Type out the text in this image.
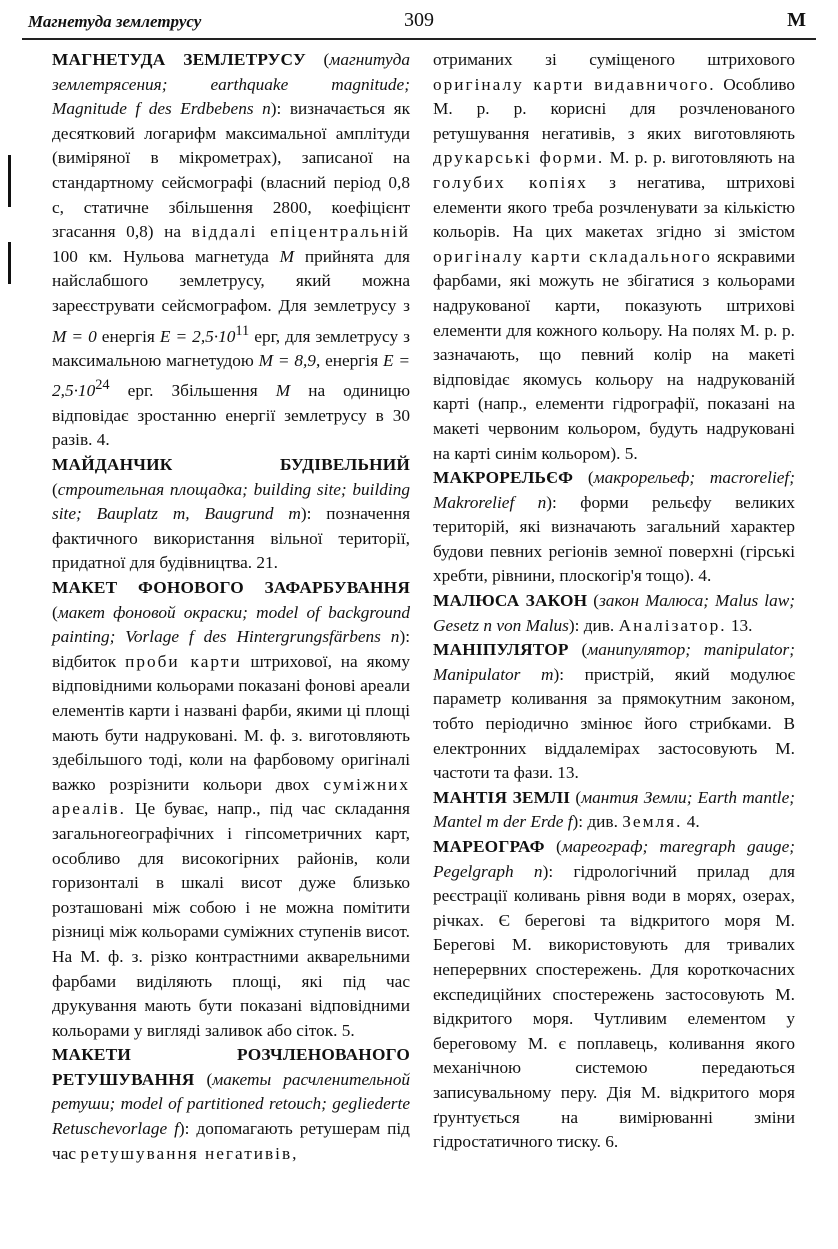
Магнетуда землетрусу	309	М

МАГНЕТУДА ЗЕМЛЕТРУСУ (магнитуда землетрясения; earthquake magnitude; Magnitude f des Erdbebens n): визначається як десятковий логарифм максимальної амплітуди (виміряної в мікрометрах), записаної на стандартному сейсмографі (власний період 0,8 с, статичне збільшення 2800, коефіцієнт згасання 0,8) на віддалі епіцентральній 100 км. Нульова магнетуда M прийнята для найслабшого землетрусу, який можна зареєструвати сейсмографом. Для землетрусу з M = 0 енергія $E = 2,5\cdot 10^{11}$ ерг, для землетрусу з максимальною магнетудою M = 8,9, енергія $E = 2,5\cdot 10^{24}$ ерг. Збільшення M на одиницю відповідає зростанню енергії землетрусу в 30 разів. 4.

МАЙДАНЧИК БУДІВЕЛЬНИЙ (строительная площадка; building site; building site; Bauplatz m, Baugrund m): позначення фактичного використання вільної території, придатної для будівництва. 21.

МАКЕТ ФОНОВОГО ЗАФАРБУВАННЯ (макет фоновой окраски; model of background painting; Vorlage f des Hintergrungsfärbens n): відбиток проби карти штрихової, на якому відповідними кольорами показані фонові ареали елементів карти і названі фарби, якими ці площі мають бути надруковані. М. ф. з. виготовляють здебільшого тоді, коли на фарбовому оригіналі важко розрізнити кольори двох суміжних ареалів. Це буває, напр., під час складання загальногеографічних і гіпсометричних карт, особливо для високогірних районів, коли горизонталі в шкалі висот дуже близько розташовані між собою і не можна помітити різниці між кольорами суміжних ступенів висот. На М. ф. з. різко контрастними акварельними фарбами виділяють площі, які під час друкування мають бути показані відповідними кольорами у вигляді заливок або сіток. 5.

МАКЕТИ РОЗЧЛЕНОВАНОГО РЕТУШУВАННЯ (макеты расчленительной ретуши; model of partitioned retouch; gegliederte Retuschevorlage f): допомагають ретушерам під час ретушування негативів,

отриманих зі суміщеного штрихового оригіналу карти видавничого. Особливо М. р. р. корисні для розчленованого ретушування негативів, з яких виготовляють друкарські форми. М. р. р. виготовляють на голубих копіях з негатива, штрихові елементи якого треба розчленувати за кількістю кольорів. На цих макетах згідно зі змістом оригіналу карти складального яскравими фарбами, які можуть не збігатися з кольорами надрукованої карти, показують штрихові елементи для кожного кольору. На полях М. р. р. зазначають, що певний колір на макеті відповідає якомусь кольору на надрукованій карті (напр., елементи гідрографії, показані на макеті червоним кольором, будуть надруковані на карті синім кольором). 5.

МАКРОРЕЛЬЄФ (макрорельеф; macrorelief; Makrorelief n): форми рельєфу великих територій, які визначають загальний характер будови певних регіонів земної поверхні (гірські хребти, рівнини, плоскогір'я тощо). 4.

МАЛЮСА ЗАКОН (закон Малюса; Malus law; Gesetz n von Malus): див. Аналізатор. 13.

МАНІПУЛЯТОР (манипулятор; manipulator; Manipulator m): пристрій, який модулює параметр коливання за прямокутним законом, тобто періодично змінює його стрибками. В електронних віддалемірах застосовують М. частоти та фази. 13.

МАНТІЯ ЗЕМЛІ (мантия Земли; Earth mantle; Mantel m der Erde f): див. Земля. 4.

МАРЕОГРАФ (мареограф; maregraph gauge; Pegelgraph n): гідрологічний прилад для реєстрації коливань рівня води в морях, озерах, річках. Є берегові та відкритого моря М. Берегові М. використовують для тривалих неперервних спостережень. Для короткочасних експедиційних спостережень застосовують М. відкритого моря. Чутливим елементом у береговому М. є поплавець, коливання якого механічною системою передаються записувальному перу. Дія М. відкритого моря ґрунтується на вимірюванні зміни гідростатичного тиску. 6.
